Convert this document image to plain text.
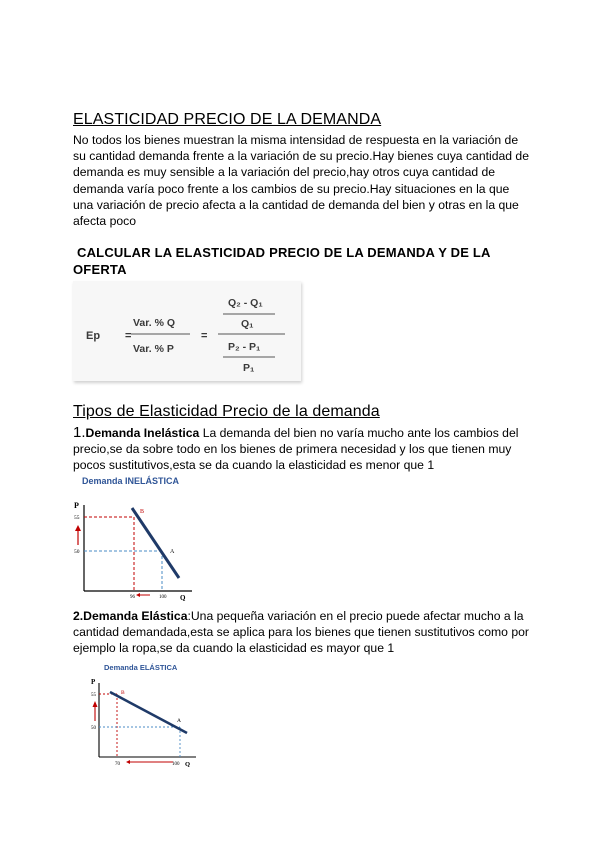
ELASTICIDAD PRECIO DE LA DEMANDA
No todos los bienes muestran la misma intensidad de respuesta en la variación de
su cantidad demanda frente a la variación de su precio.Hay bienes cuya cantidad de
demanda es muy sensible a la variación del precio,hay otros cuya cantidad de
demanda varía poco frente a los cambios de su precio.Hay situaciones en la que
una variación de precio afecta a la cantidad de demanda del bien y otras en la que
afecta poco
CALCULAR LA ELASTICIDAD PRECIO DE LA DEMANDA Y DE LA
OFERTA
Ep =
Var. % Q
Var. % P
=
Q₂ - Q₁
Q₁
P₂ - P₁
P₁
Tipos de Elasticidad Precio de la demanda
1.Demanda Inelástica La demanda del bien no varía mucho ante los cambios del
precio,se da sobre todo en los bienes de primera necesidad y los que tienen muy
pocos sustitutivos,esta se da cuando la elasticidad es menor que 1
Demanda INELÁSTICA
P
55
50
B
A
96	100 Q
2.Demanda Elástica:Una pequeña variación en el precio puede afectar mucho a la
cantidad demandada,esta se aplica para los bienes que tienen sustitutivos como por
ejemplo la ropa,se da cuando la elasticidad es mayor que 1
Demanda ELÁSTICA
P
55
50
B
A
70	100 Q
